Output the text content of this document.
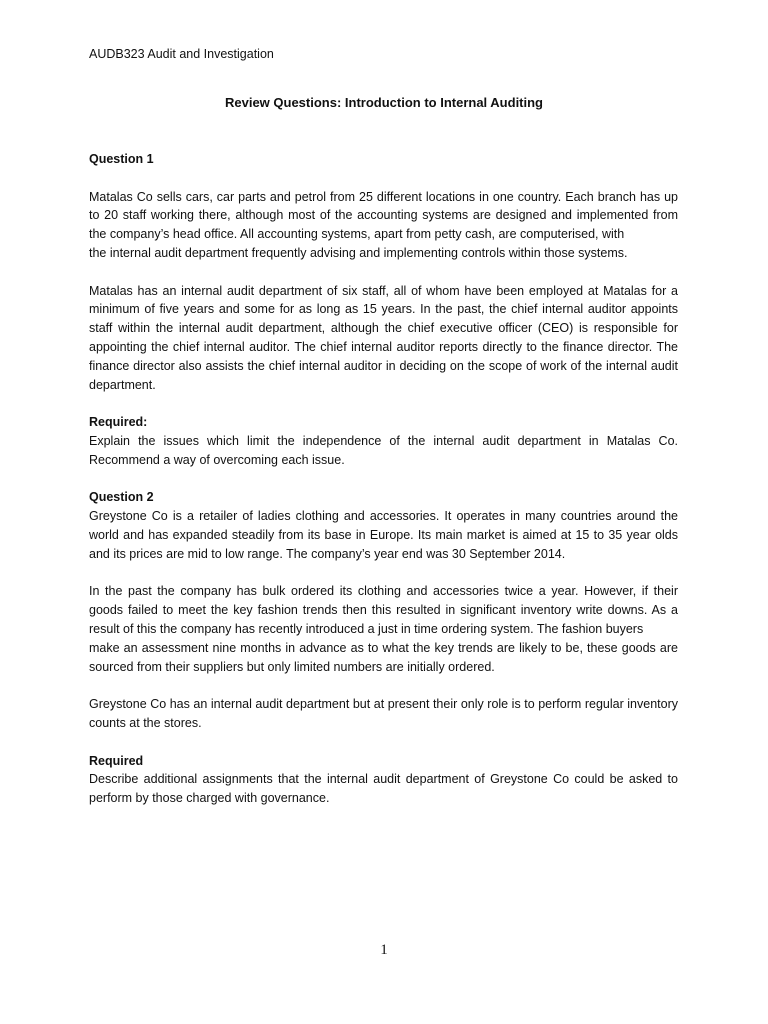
AUDB323 Audit and Investigation
Review Questions: Introduction to Internal Auditing

Question 1

Matalas Co sells cars, car parts and petrol from 25 different locations in one country. Each branch has up to 20 staff working there, although most of the accounting systems are designed and implemented from the company’s head office. All accounting systems, apart from petty cash, are computerised, with

the internal audit department frequently advising and implementing controls within those systems.

Matalas has an internal audit department of six staff, all of whom have been employed at Matalas for a minimum of five years and some for as long as 15 years. In the past, the chief internal auditor appoints staff within the internal audit department, although the chief executive officer (CEO) is responsible for appointing the chief internal auditor. The chief internal auditor reports directly to the finance director. The finance director also assists the chief internal auditor in deciding on the scope of work of the internal audit department.

Required:

Explain the issues which limit the independence of the internal audit department in Matalas Co. Recommend a way of overcoming each issue.

Question 2

Greystone Co is a retailer of ladies clothing and accessories. It operates in many countries around the world and has expanded steadily from its base in Europe. Its main market is aimed at 15 to 35 year olds and its prices are mid to low range. The company’s year end was 30 September 2014.

In the past the company has bulk ordered its clothing and accessories twice a year. However, if their goods failed to meet the key fashion trends then this resulted in significant inventory write downs. As a result of this the company has recently introduced a just in time ordering system. The fashion buyers

make an assessment nine months in advance as to what the key trends are likely to be, these goods are sourced from their suppliers but only limited numbers are initially ordered.

Greystone Co has an internal audit department but at present their only role is to perform regular inventory counts at the stores.

Required

Describe additional assignments that the internal audit department of Greystone Co could be asked to perform by those charged with governance.

1
